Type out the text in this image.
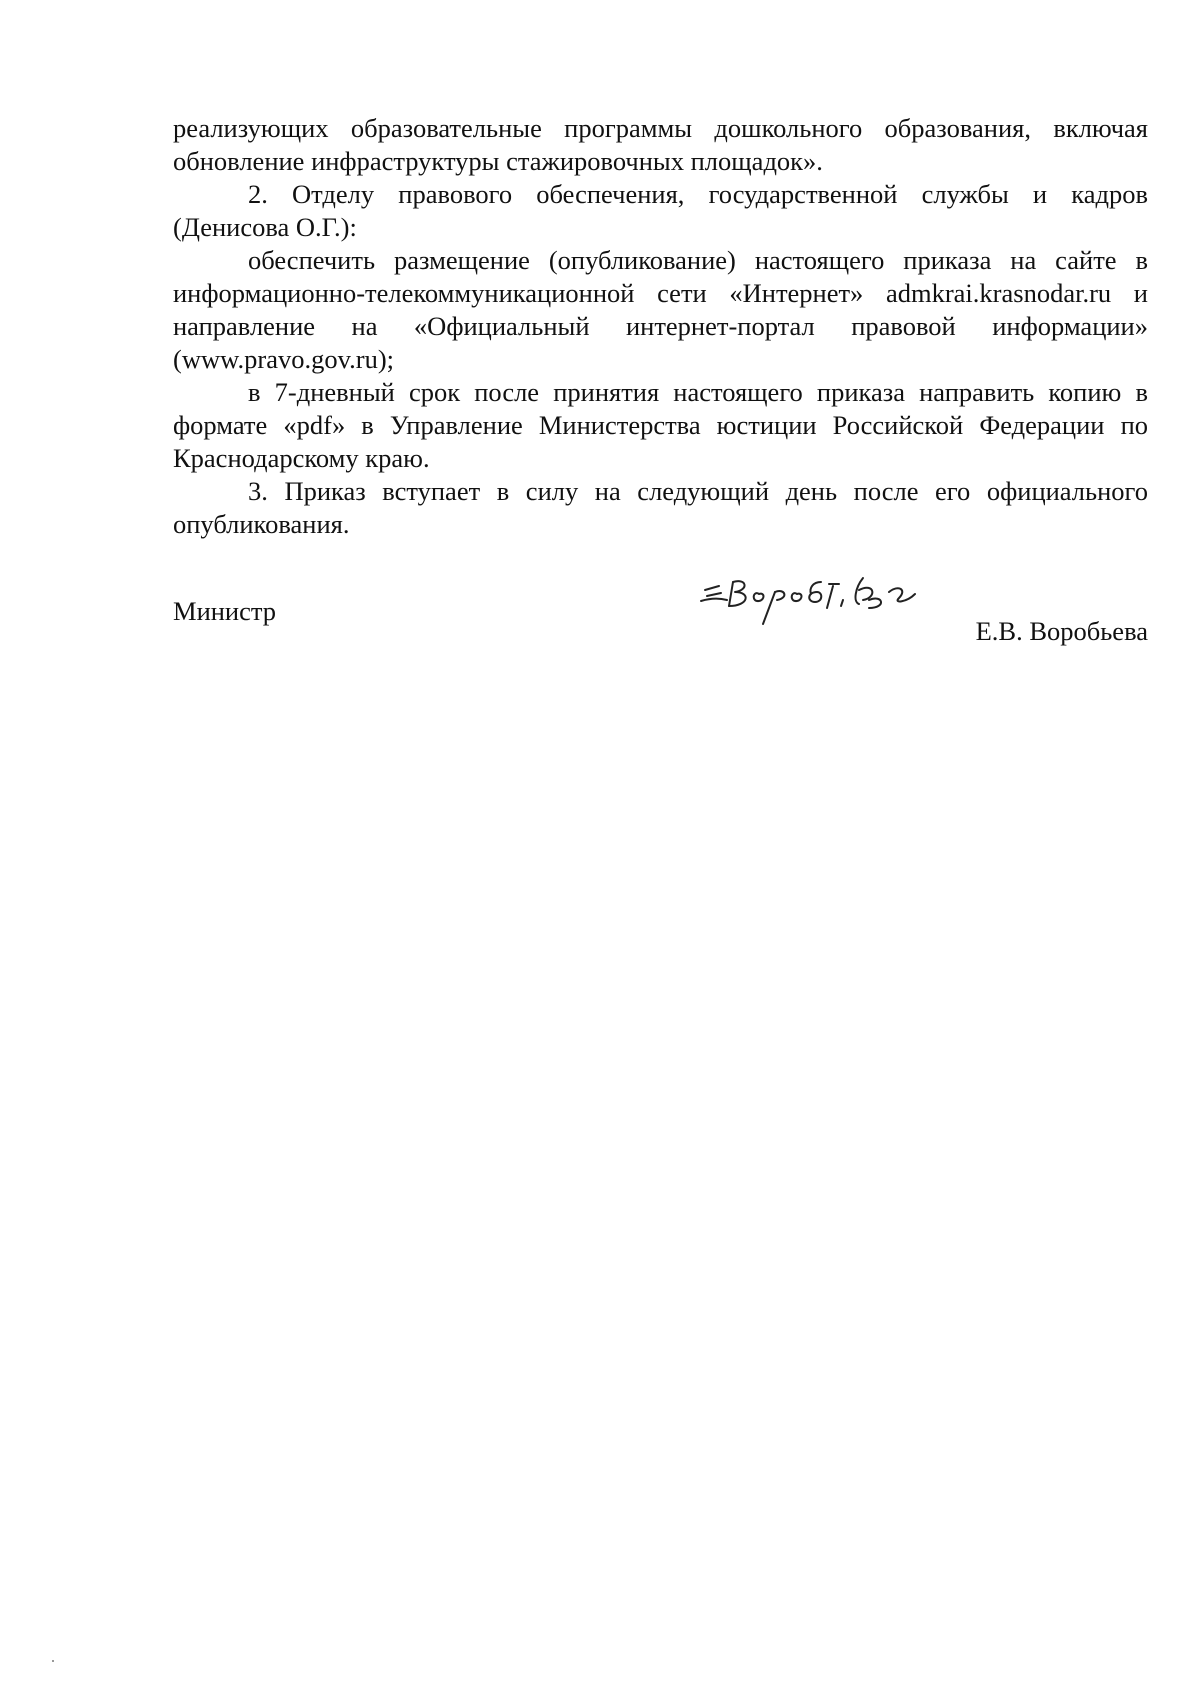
реализующих образовательные программы дошкольного образования, включая обновление инфраструктуры стажировочных площадок».

2. Отделу правового обеспечения, государственной службы и кадров (Денисова О.Г.):

обеспечить размещение (опубликование) настоящего приказа на сайте в информационно-телекоммуникационной сети «Интернет» admkrai.krasnodar.ru и направление на «Официальный интернет-портал правовой информации» (www.pravo.gov.ru);

в 7-дневный срок после принятия настоящего приказа направить копию в формате «pdf» в Управление Министерства юстиции Российской Федерации по Краснодарскому краю.

3. Приказ вступает в силу на следующий день после его официального опубликования.

Министр
Е.В. Воробьева
